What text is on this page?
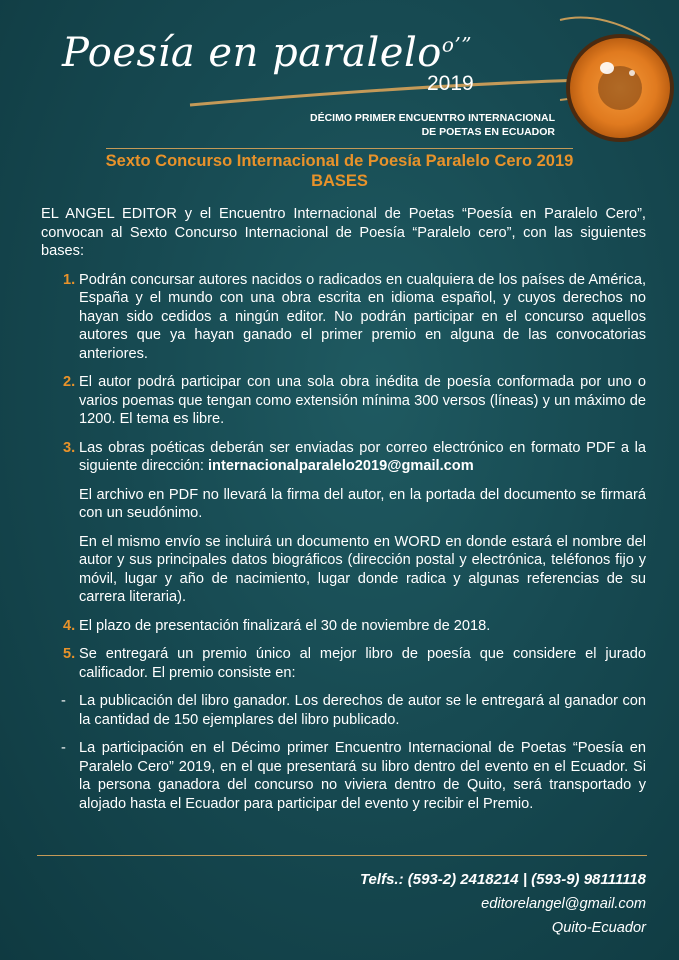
Poesía en paralelo$^{o’”}$
2019
DÉCIMO PRIMER ENCUENTRO INTERNACIONAL
DE POETAS EN ECUADOR
Sexto Concurso Internacional de Poesía Paralelo Cero 2019
BASES

EL ANGEL EDITOR y el Encuentro Internacional de Poetas “Poesía en Paralelo Cero”, convocan al Sexto Concurso Internacional de Poesía “Paralelo cero”, con las siguientes bases:

1. Podrán concursar autores nacidos o radicados en cualquiera de los países de América, España y el mundo con una obra escrita en idioma español, y cuyos derechos no hayan sido cedidos a ningún editor. No podrán participar en el concurso aquellos autores que ya hayan ganado el primer premio en alguna de las convocatorias anteriores.
2. El autor podrá participar con una sola obra inédita de poesía conformada por uno o varios poemas que tengan como extensión mínima 300 versos (líneas) y un máximo de 1200. El tema es libre.
3. Las obras poéticas deberán ser enviadas por correo electrónico en formato PDF a la siguiente dirección: internacionalparalelo2019@gmail.com
El archivo en PDF no llevará la firma del autor, en la portada del documento se firmará con un seudónimo.
En el mismo envío se incluirá un documento en WORD en donde estará el nombre del autor y sus principales datos biográficos (dirección postal y electrónica, teléfonos fijo y móvil, lugar y año de nacimiento, lugar donde radica y algunas referencias de su carrera literaria).
4. El plazo de presentación finalizará el 30 de noviembre de 2018.
5. Se entregará un premio único al mejor libro de poesía que considere el jurado calificador. El premio consiste en:
- La publicación del libro ganador. Los derechos de autor se le entregará al ganador con la cantidad de 150 ejemplares del libro publicado.
- La participación en el Décimo primer Encuentro Internacional de Poetas “Poesía en Paralelo Cero” 2019, en el que presentará su libro dentro del evento en el Ecuador. Si la persona ganadora del concurso no viviera dentro de Quito, será transportado y alojado hasta el Ecuador para participar del evento y recibir el Premio.
Telfs.: (593-2) 2418214 | (593-9) 98111118
editorelangel@gmail.com
Quito-Ecuador
